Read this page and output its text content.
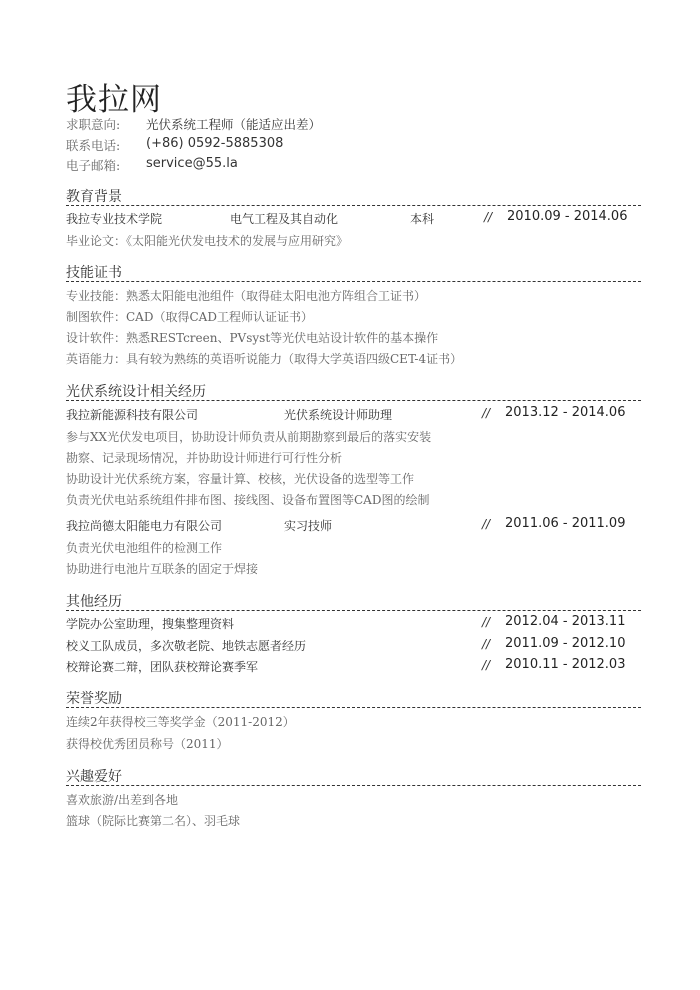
我拉网
求职意向:	光伏系统工程师（能适应出差）
联系电话:	(+86) 0592-5885308
电子邮箱:	service@55.la
教育背景
我拉专业技术学院	电气工程及其自动化	本科	// 2010.09 - 2014.06
毕业论文：《太阳能光伏发电技术的发展与应用研究》
技能证书
专业技能：熟悉太阳能电池组件（取得硅太阳电池方阵组合工证书）
制图软件：CAD（取得CAD工程师认证证书）
设计软件：熟悉RESTcreen、PVsyst等光伏电站设计软件的基本操作
英语能力：具有较为熟练的英语听说能力（取得大学英语四级CET-4证书）
光伏系统设计相关经历
我拉新能源科技有限公司	光伏系统设计师助理	// 2013.12 - 2014.06
参与XX光伏发电项目，协助设计师负责从前期勘察到最后的落实安装
勘察、记录现场情况，并协助设计师进行可行性分析
协助设计光伏系统方案，容量计算、校核，光伏设备的选型等工作
负责光伏电站系统组件排布图、接线图、设备布置图等CAD图的绘制
我拉尚德太阳能电力有限公司	实习技师	// 2011.06 - 2011.09
负责光伏电池组件的检测工作
协助进行电池片互联条的固定于焊接
其他经历
学院办公室助理，搜集整理资料	// 2012.04 - 2013.11
校义工队成员，多次敬老院、地铁志愿者经历	// 2011.09 - 2012.10
校辩论赛二辩，团队获校辩论赛季军	// 2010.11 - 2012.03
荣誉奖励
连续2年获得校三等奖学金（2011-2012）
获得校优秀团员称号（2011）
兴趣爱好
喜欢旅游/出差到各地
篮球（院际比赛第二名）、羽毛球
